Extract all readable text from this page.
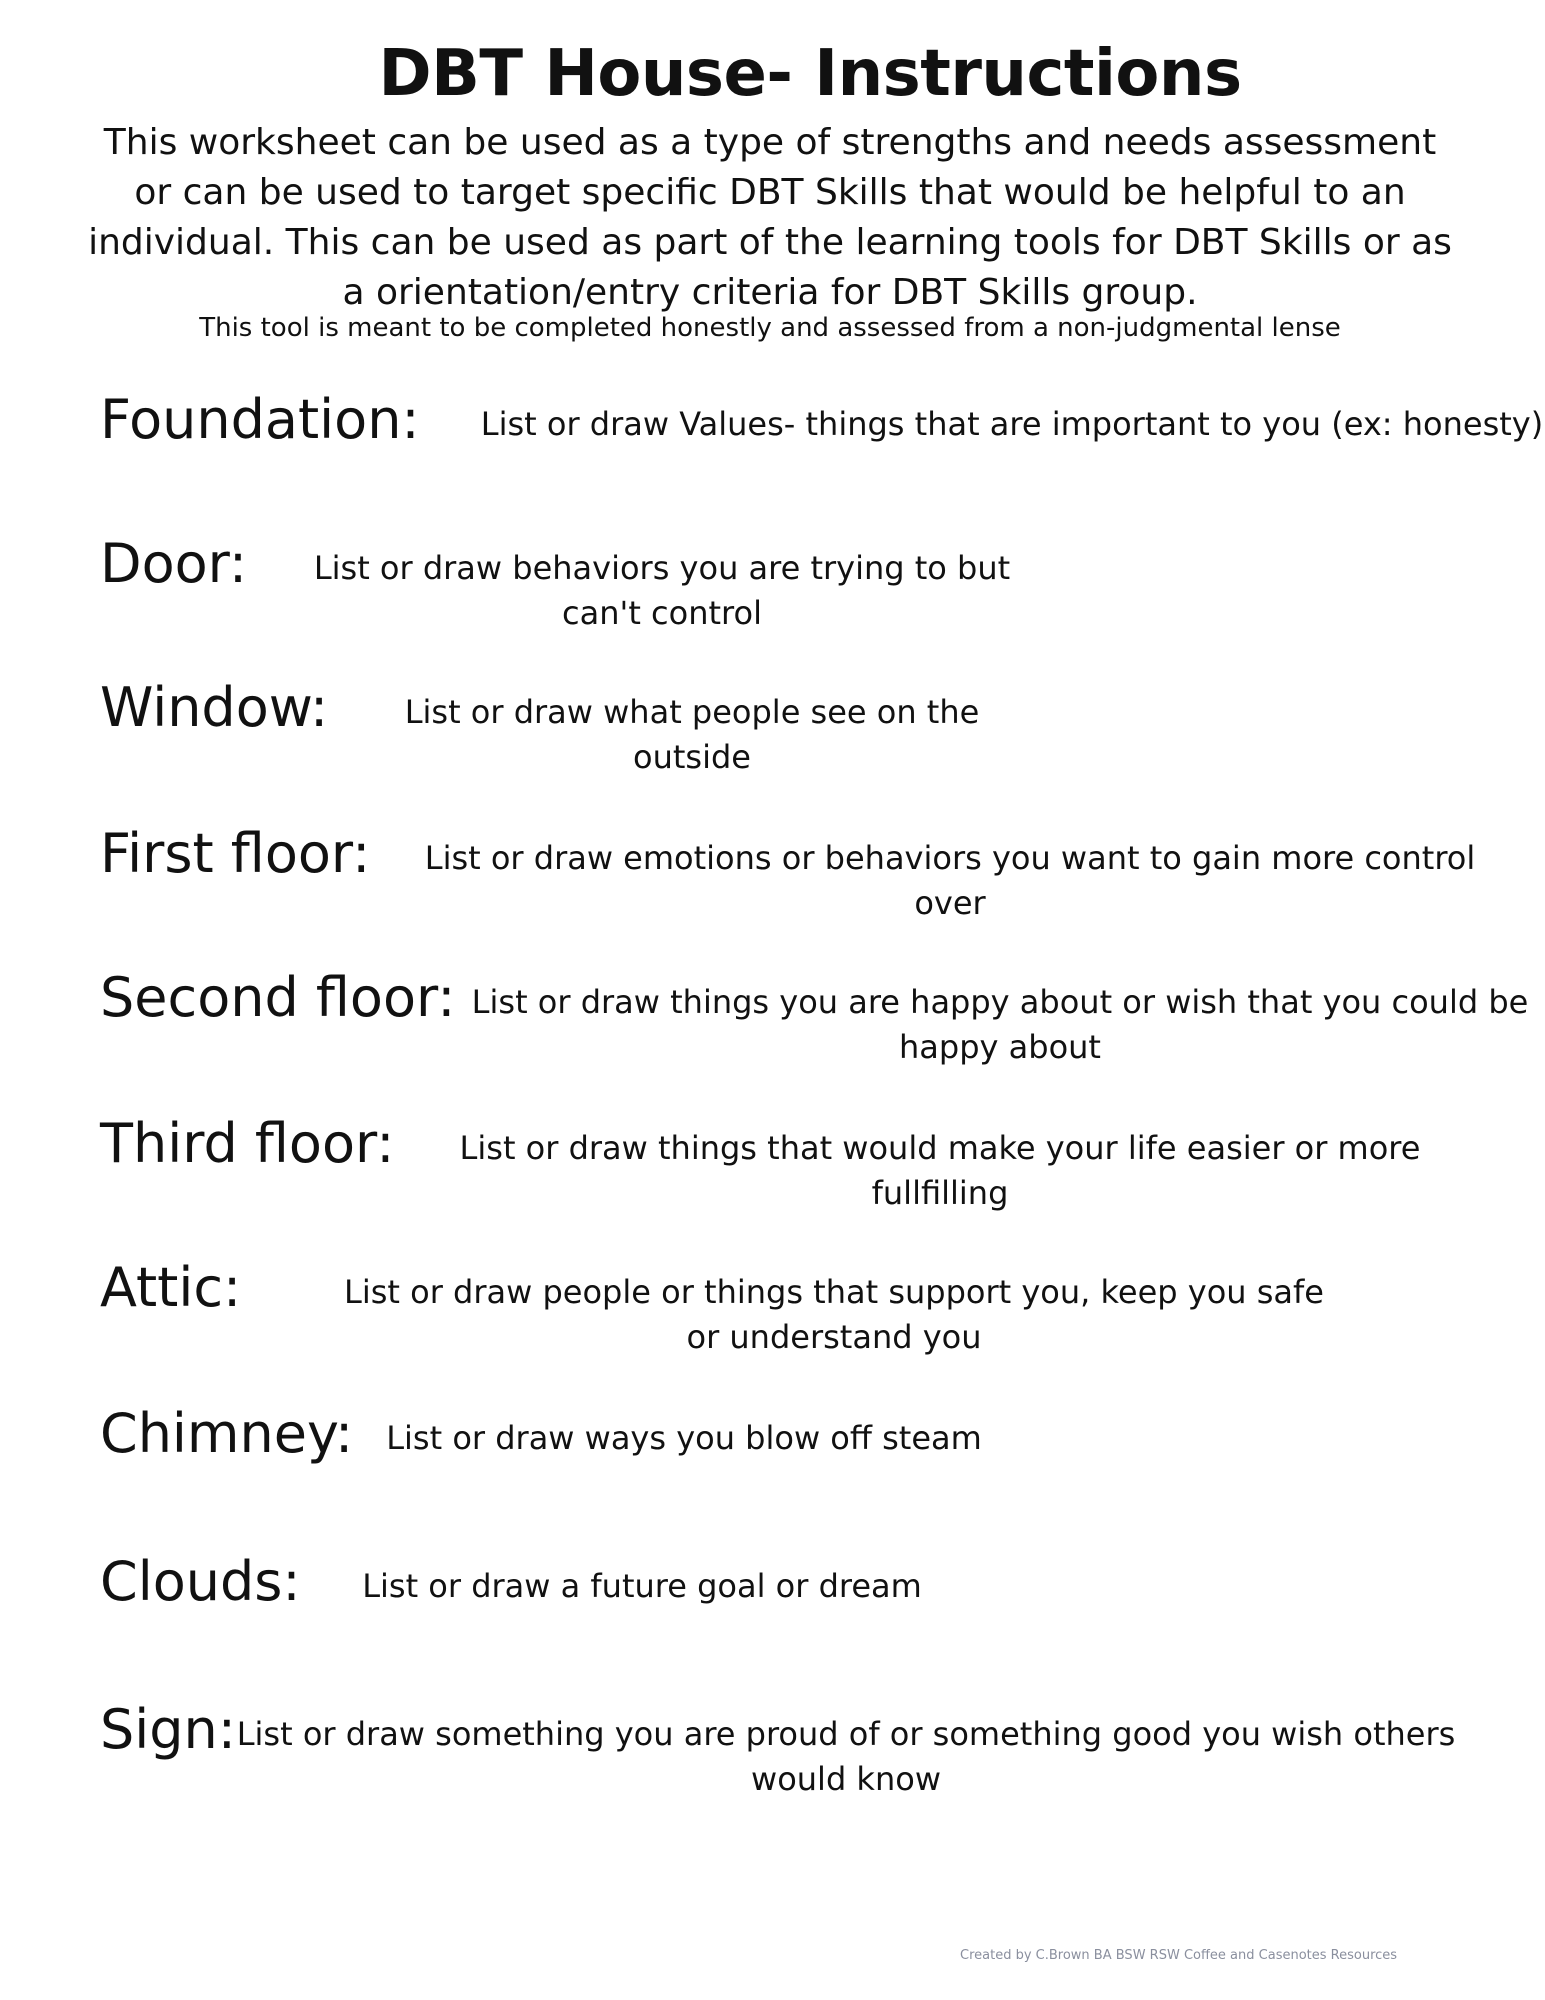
DBT House- Instructions

This worksheet can be used as a type of strengths and needs assessment or can be used to target specific DBT Skills that would be helpful to an individual. This can be used as part of the learning tools for DBT Skills or as a orientation/entry criteria for DBT Skills group.

This tool is meant to be completed honestly and assessed from a non-judgmental lense

Foundation:	List or draw Values- things that are important to you (ex: honesty)
Door:	List or draw behaviors you are trying to but can't control
Window:	List or draw what people see on the outside
First floor:	List or draw emotions or behaviors you want to gain more control over
Second floor: List or draw things you are happy about or wish that you could be happy about
Third floor:	List or draw things that would make your life easier or more fullfilling
Attic:	List or draw people or things that support you, keep you safe or understand you
Chimney:	List or draw ways you blow off steam
Clouds:	List or draw a future goal or dream
Sign: List or draw something you are proud of or something good you wish others would know
Created by C.Brown BA BSW RSW Coffee and Casenotes Resources
